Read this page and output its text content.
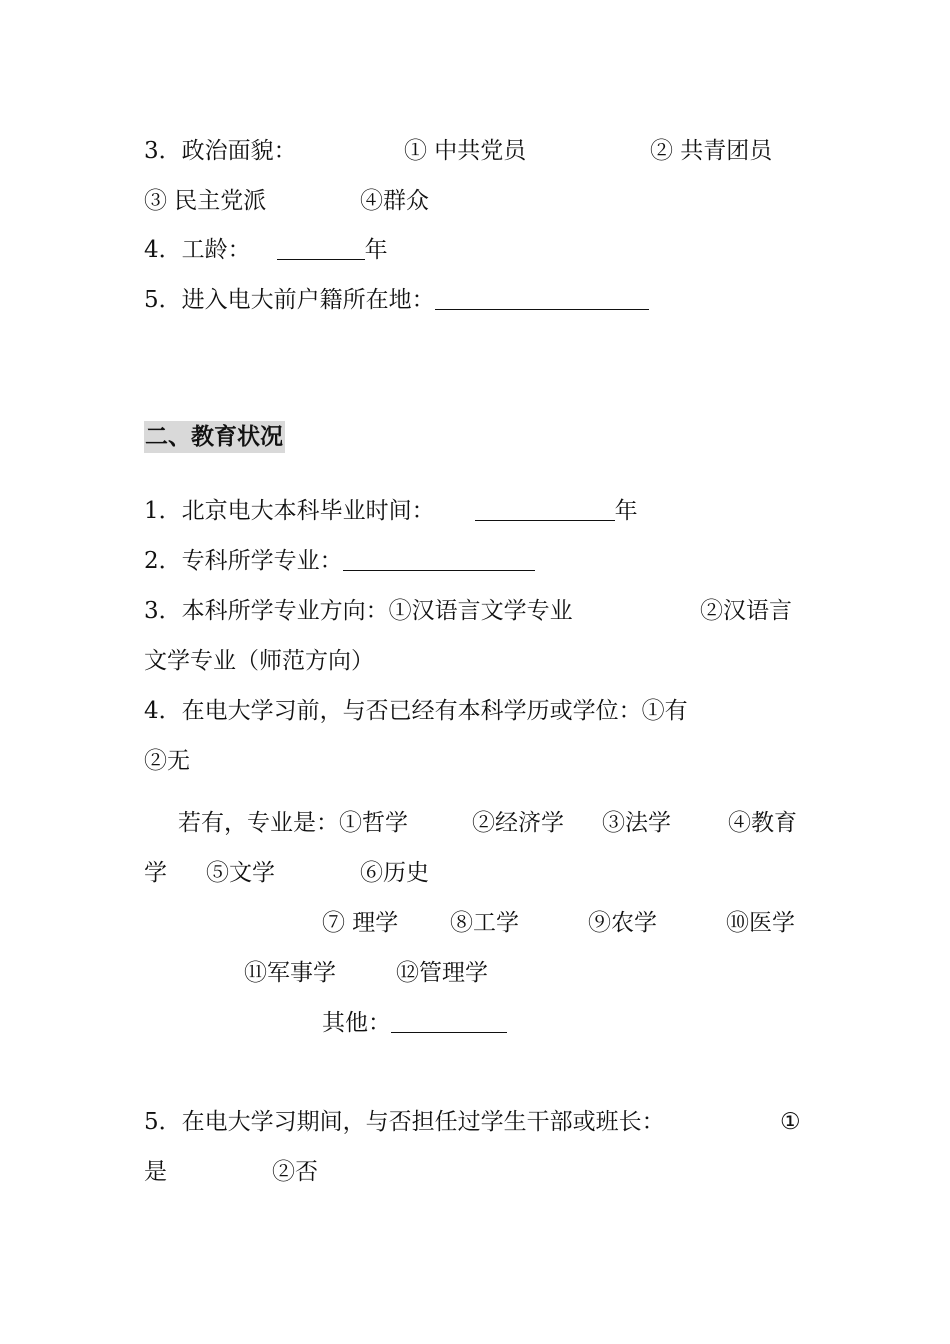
3．政治面貌：	① 中共党员	② 共青团员
③ 民主党派	④群众
4．工龄：	年
5．进入电大前户籍所在地：
二、教育状况
1．北京电大本科毕业时间：	年
2．专科所学专业：
3．本科所学专业方向：①汉语言文学专业	②汉语言
文学专业（师范方向）
4．在电大学习前，与否已经有本科学历或学位：①有
②无
若有，专业是：①哲学	②经济学 ③法学 ④教育
学 ⑤文学	⑥历史
⑦ 理学 ⑧工学	⑨农学	⑩医学
⑪军事学	⑫管理学
其他：
5．在电大学习期间，与否担任过学生干部或班长：	①
是	②否
